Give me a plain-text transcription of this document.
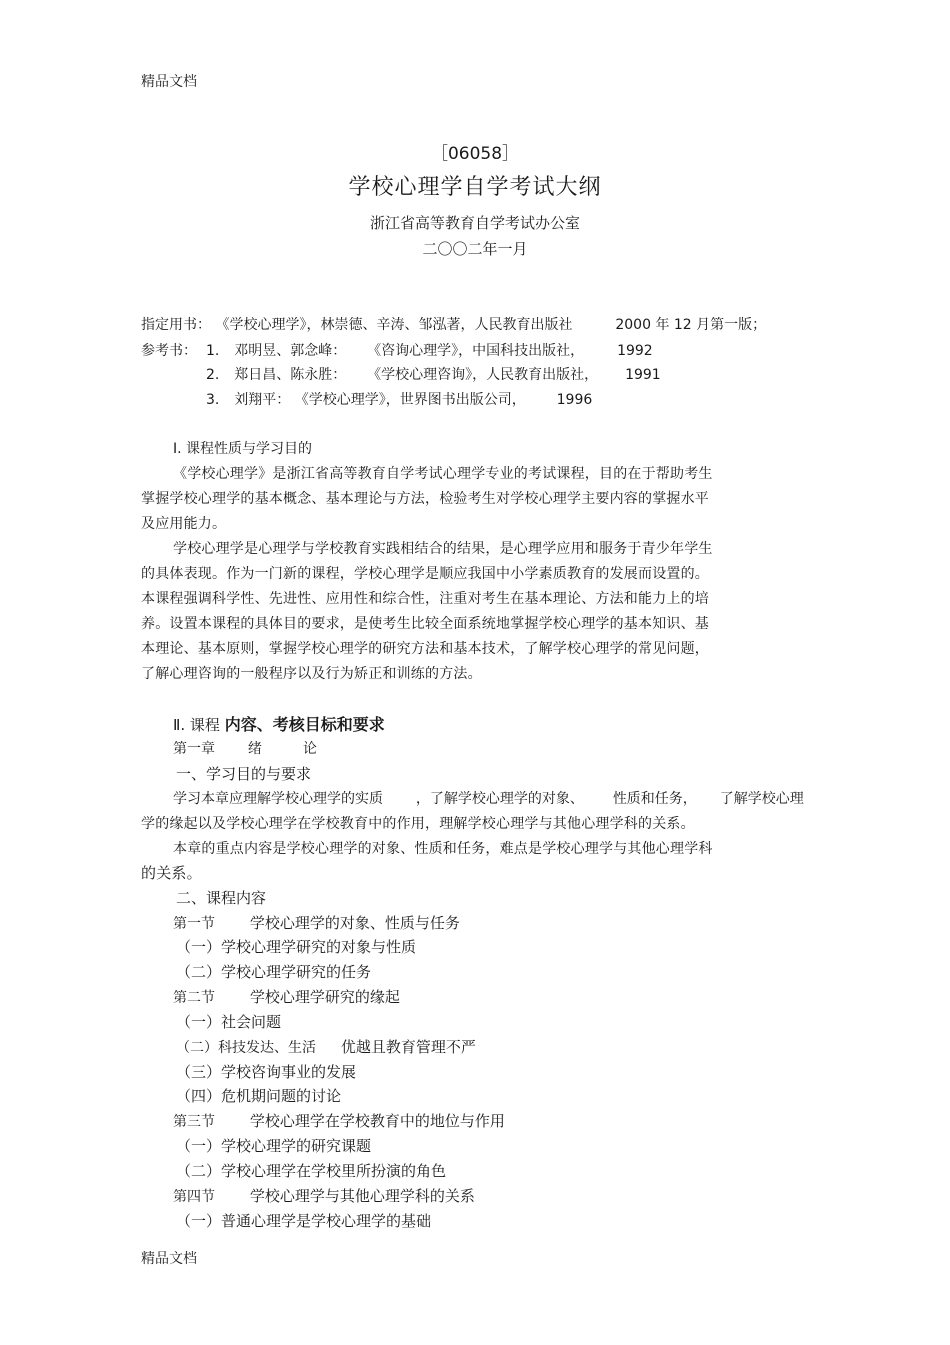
精品文档
精品文档
［06058］
学校心理学自学考试大纲
浙江省高等教育自学考试办公室
二〇〇二年一月
指定用书： 《学校心理学》，林崇德、辛涛、邹泓著，人民教育出版社	2000 年 12 月第一版；
参考书： 1. 邓明昱、郭念峰： 《咨询心理学》，中国科技出版社， 1992
2. 郑日昌、陈永胜： 《学校心理咨询》，人民教育出版社， 1991
3. 刘翔平： 《学校心理学》，世界图书出版公司， 1996
Ⅰ. 课程性质与学习目的
《学校心理学》是浙江省高等教育自学考试心理学专业的考试课程，目的在于帮助考生
掌握学校心理学的基本概念、基本理论与方法，检验考生对学校心理学主要内容的掌握水平
及应用能力。
学校心理学是心理学与学校教育实践相结合的结果，是心理学应用和服务于青少年学生
的具体表现。作为一门新的课程，学校心理学是顺应我国中小学素质教育的发展而设置的。
本课程强调科学性、先进性、应用性和综合性，注重对考生在基本理论、方法和能力上的培
养。设置本课程的具体目的要求，是使考生比较全面系统地掌握学校心理学的基本知识、基
本理论、基本原则，掌握学校心理学的研究方法和基本技术，了解学校心理学的常见问题，
了解心理咨询的一般程序以及行为矫正和训练的方法。
Ⅱ. 课程 内容、考核目标和要求
第一章 绪	论
一、学习目的与要求
学习本章应理解学校心理学的实质 ，了解学校心理学的对象、 性质和任务， 了解学校心理
学的缘起以及学校心理学在学校教育中的作用，理解学校心理学与其他心理学科的关系。
本章的重点内容是学校心理学的对象、性质和任务，难点是学校心理学与其他心理学科
的关系。
二、课程内容
第一节 学校心理学的对象、性质与任务
（一）学校心理学研究的对象与性质
（二）学校心理学研究的任务
第二节 学校心理学研究的缘起
（一）社会问题
（二）科技发达、生活 优越且教育管理不严
（三）学校咨询事业的发展
（四）危机期问题的讨论
第三节 学校心理学在学校教育中的地位与作用
（一）学校心理学的研究课题
（二）学校心理学在学校里所扮演的角色
第四节 学校心理学与其他心理学科的关系
（一）普通心理学是学校心理学的基础
